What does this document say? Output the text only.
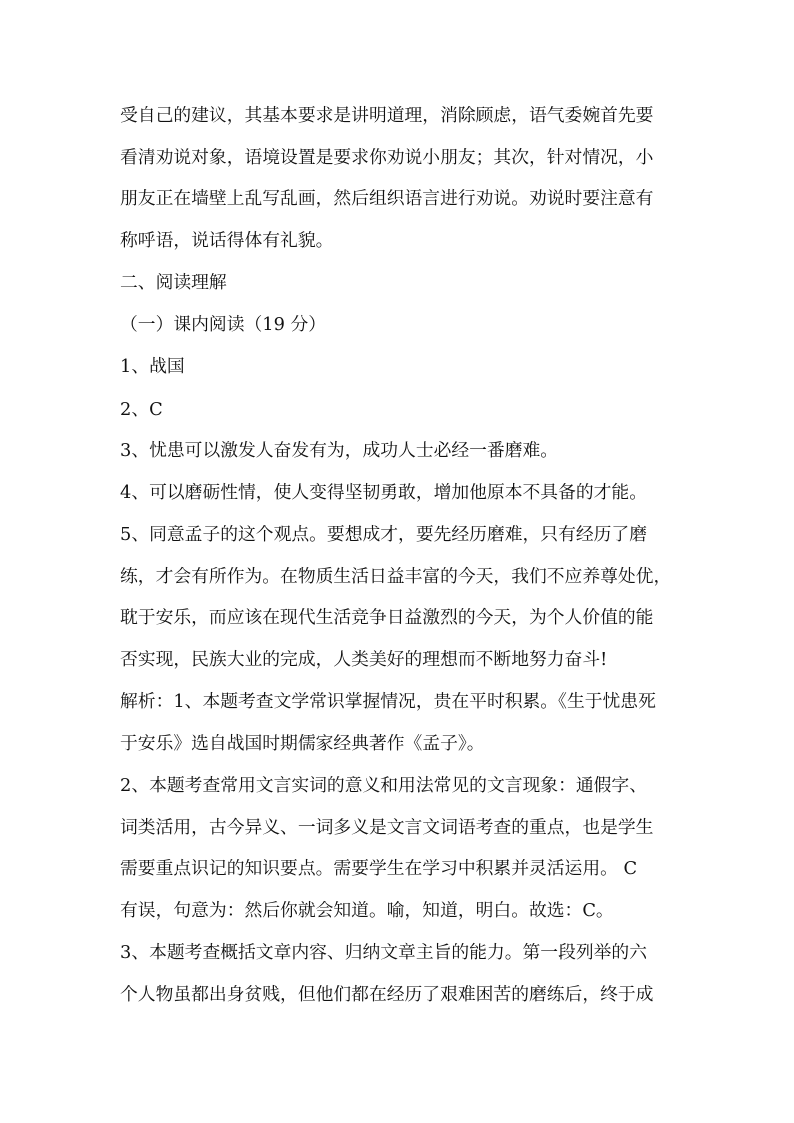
受自己的建议，其基本要求是讲明道理，消除顾虑，语气委婉首先要
看清劝说对象，语境设置是要求你劝说小朋友；其次，针对情况，小
朋友正在墙壁上乱写乱画，然后组织语言进行劝说。劝说时要注意有
称呼语，说话得体有礼貌。
二、阅读理解
（一）课内阅读（19 分）
1、战国
2、C
3、忧患可以激发人奋发有为，成功人士必经一番磨难。
4、可以磨砺性情，使人变得坚韧勇敢，增加他原本不具备的才能。
5、同意孟子的这个观点。要想成才，要先经历磨难，只有经历了磨
练，才会有所作为。在物质生活日益丰富的今天，我们不应养尊处优，
耽于安乐，而应该在现代生活竞争日益激烈的今天，为个人价值的能
否实现，民族大业的完成，人类美好的理想而不断地努力奋斗!
解析：1、本题考查文学常识掌握情况，贵在平时积累。《生于忧患死
于安乐》选自战国时期儒家经典著作《孟子》。
2、本题考查常用文言实词的意义和用法常见的文言现象：通假字、
词类活用，古今异义、一词多义是文言文词语考查的重点，也是学生
需要重点识记的知识要点。需要学生在学习中积累并灵活运用。 C
有误，句意为：然后你就会知道。喻，知道，明白。故选：C。
3、本题考查概括文章内容、归纳文章主旨的能力。第一段列举的六
个人物虽都出身贫贱，但他们都在经历了艰难困苦的磨练后，终于成
